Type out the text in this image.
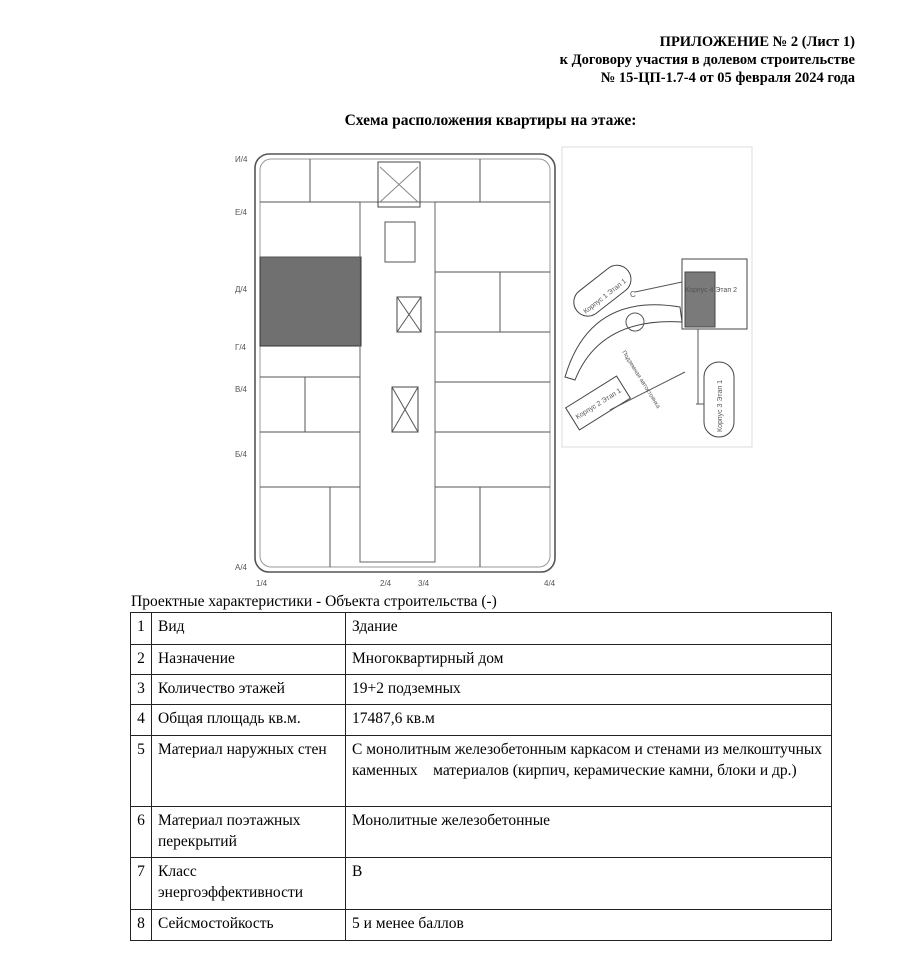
ПРИЛОЖЕНИЕ № 2 (Лист 1)
к Договору участия в долевом строительстве
№ 15-ЦП-1.7-4 от 05 февраля 2024 года
Схема расположения квартиры на этаже:
И/4
Е/4
Д/4
Г/4
В/4
Б/4
А/4
1/4	2/4	3/4	4/4
Корпус 1 Этап 1
Корпус 2 Этап 1	Корпус 3 Этап 1
Корпус 4 Этап 2
Подземная автостоянка
С
Проектные характеристики - Объекта строительства (-)
1	Вид	Здание
2	Назначение	Многоквартирный дом
3	Количество этажей	19+2 подземных
4	Общая площадь кв.м.	17487,6 кв.м
5	Материал наружных стен	С монолитным железобетонным каркасом и стенами из мелкоштучных каменных    материалов (кирпич, керамические камни, блоки и др.)
6	Материал поэтажных перекрытий	Монолитные железобетонные
7	Класс энергоэффективности	В
8	Сейсмостойкость	5 и менее баллов
